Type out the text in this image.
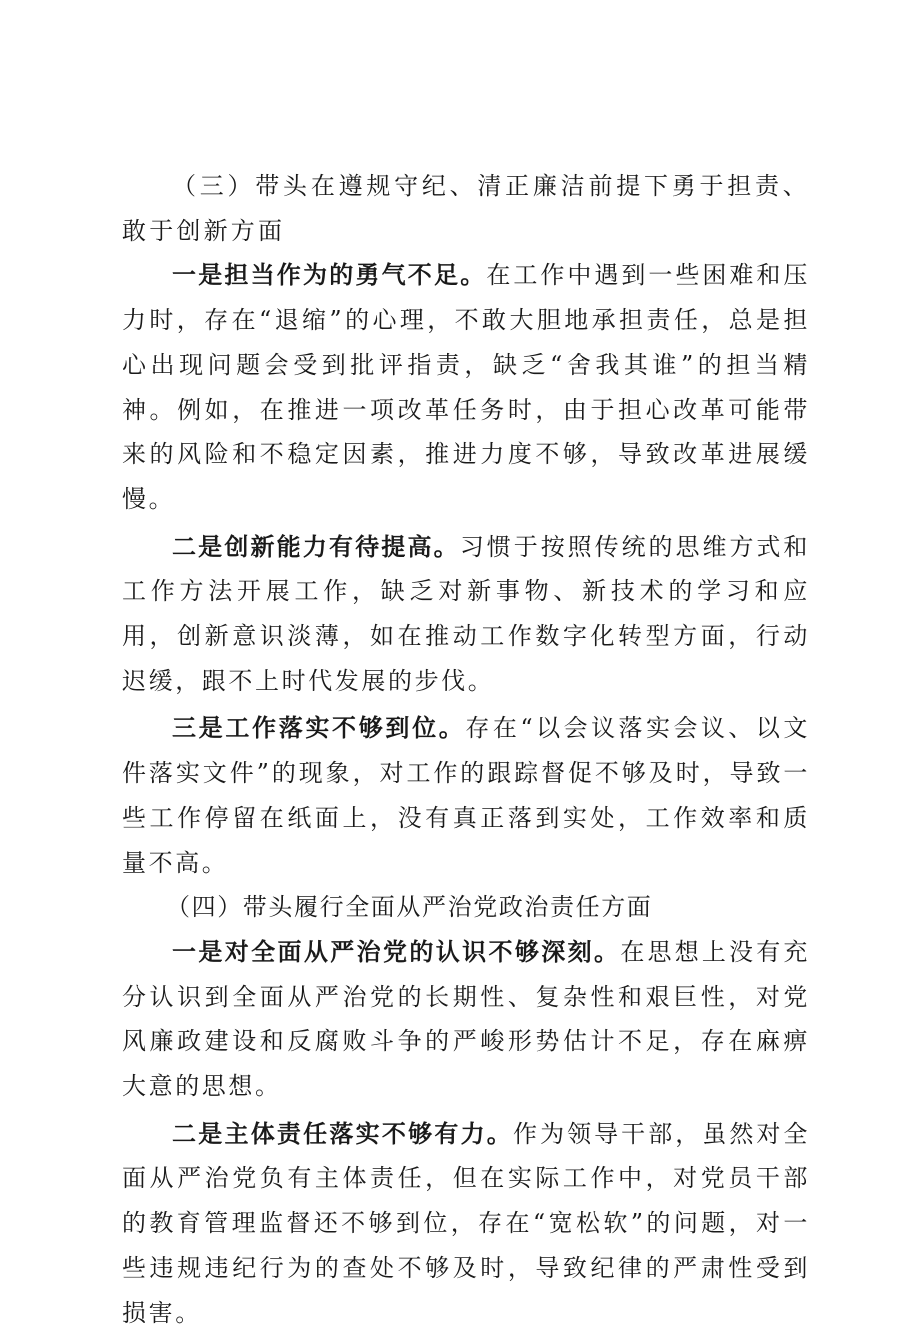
（三）带头在遵规守纪、清正廉洁前提下勇于担责、敢于创新方面

一是担当作为的勇气不足。在工作中遇到一些困难和压力时，存在“退缩”的心理，不敢大胆地承担责任，总是担心出现问题会受到批评指责，缺乏“舍我其谁”的担当精神。例如，在推进一项改革任务时，由于担心改革可能带来的风险和不稳定因素，推进力度不够，导致改革进展缓慢。

二是创新能力有待提高。习惯于按照传统的思维方式和工作方法开展工作，缺乏对新事物、新技术的学习和应用，创新意识淡薄，如在推动工作数字化转型方面，行动迟缓，跟不上时代发展的步伐。

三是工作落实不够到位。存在“以会议落实会议、以文件落实文件”的现象，对工作的跟踪督促不够及时，导致一些工作停留在纸面上，没有真正落到实处，工作效率和质量不高。

（四）带头履行全面从严治党政治责任方面

一是对全面从严治党的认识不够深刻。在思想上没有充分认识到全面从严治党的长期性、复杂性和艰巨性，对党风廉政建设和反腐败斗争的严峻形势估计不足，存在麻痹大意的思想。

二是主体责任落实不够有力。作为领导干部，虽然对全面从严治党负有主体责任，但在实际工作中，对党员干部的教育管理监督还不够到位，存在“宽松软”的问题，对一些违规违纪行为的查处不够及时，导致纪律的严肃性受到损害。
